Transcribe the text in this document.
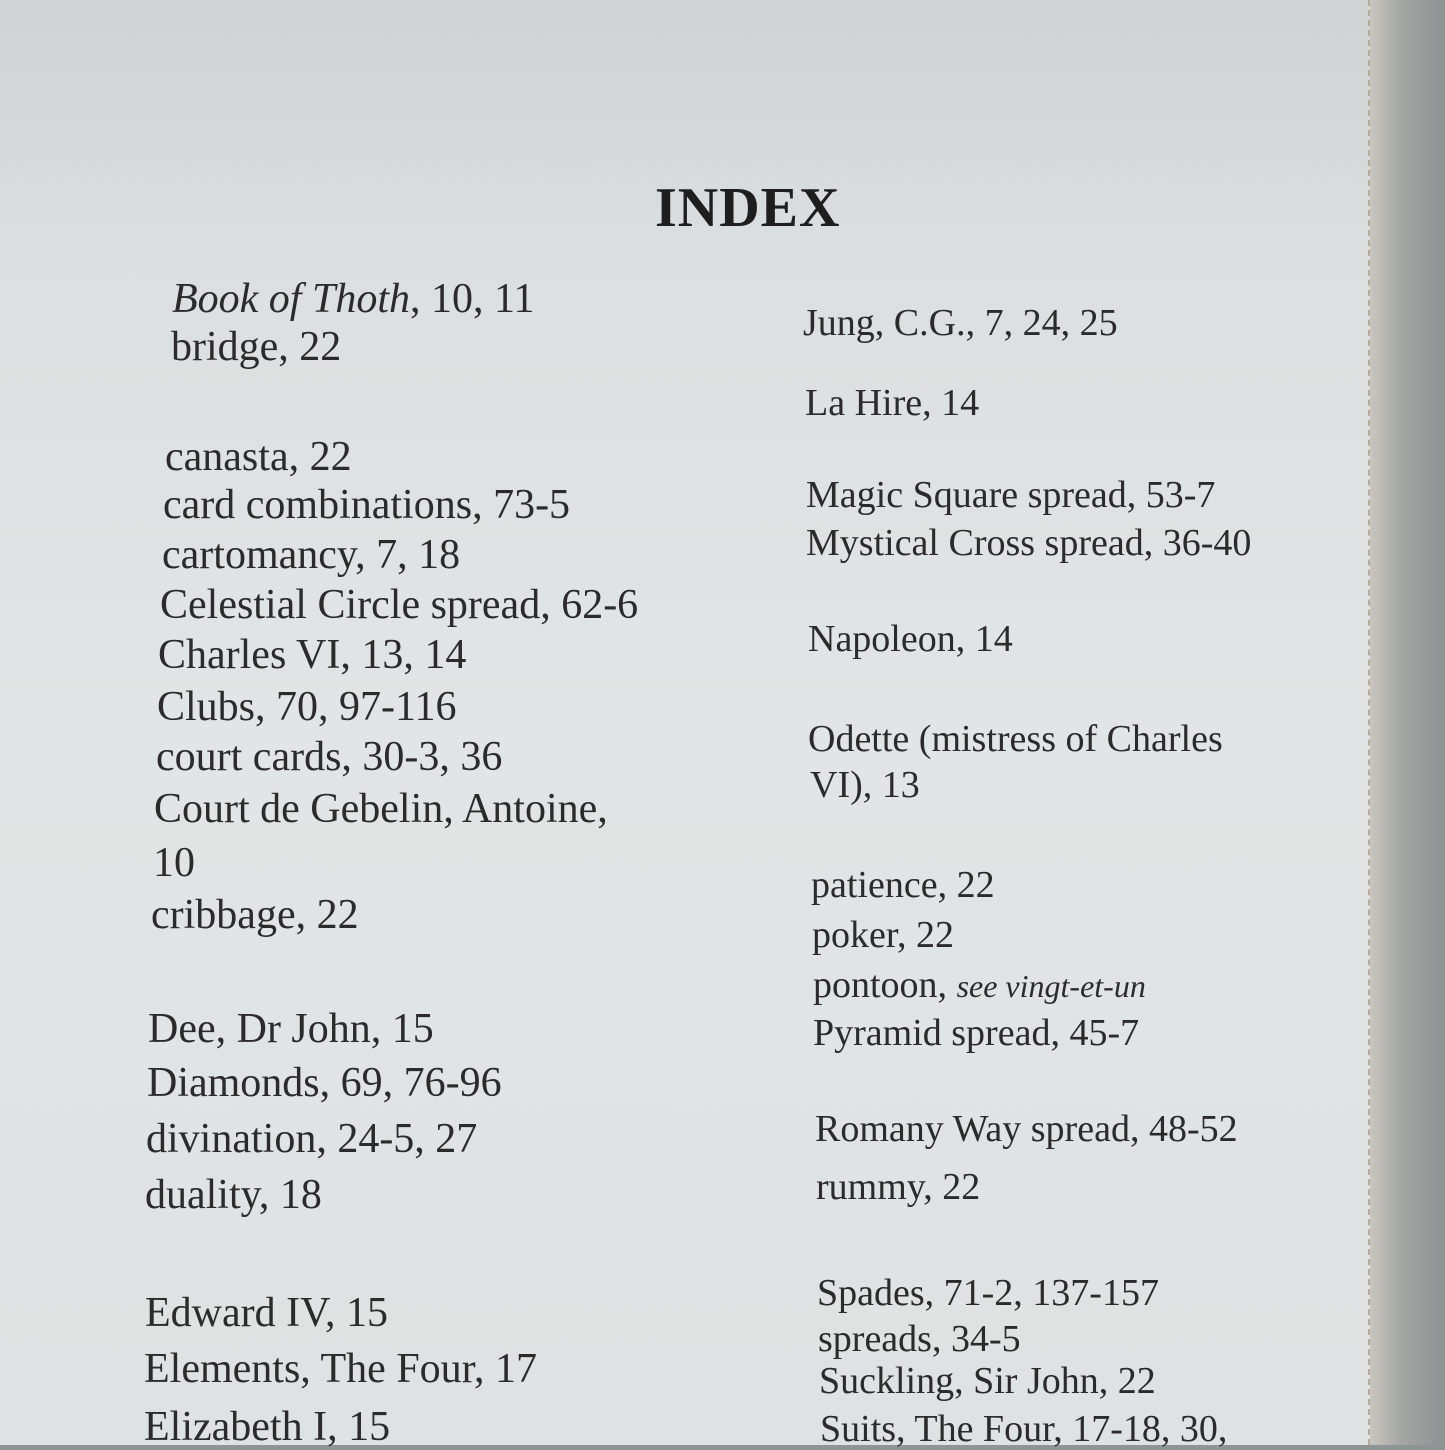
INDEX
Book of Thoth, 10, 11
bridge, 22
canasta, 22
card combinations, 73-5
cartomancy, 7, 18
Celestial Circle spread, 62-6
Charles VI, 13, 14
Clubs, 70, 97-116
court cards, 30-3, 36
Court de Gebelin, Antoine,
10
cribbage, 22
Dee, Dr John, 15
Diamonds, 69, 76-96
divination, 24-5, 27
duality, 18
Edward IV, 15
Elements, The Four, 17
Elizabeth I, 15
Jung, C.G., 7, 24, 25
La Hire, 14
Magic Square spread, 53-7
Mystical Cross spread, 36-40
Napoleon, 14
Odette (mistress of Charles
VI), 13
patience, 22
poker, 22
pontoon, see vingt-et-un
Pyramid spread, 45-7
Romany Way spread, 48-52
rummy, 22
Spades, 71-2, 137-157
spreads, 34-5
Suckling, Sir John, 22
Suits, The Four, 17-18, 30,
